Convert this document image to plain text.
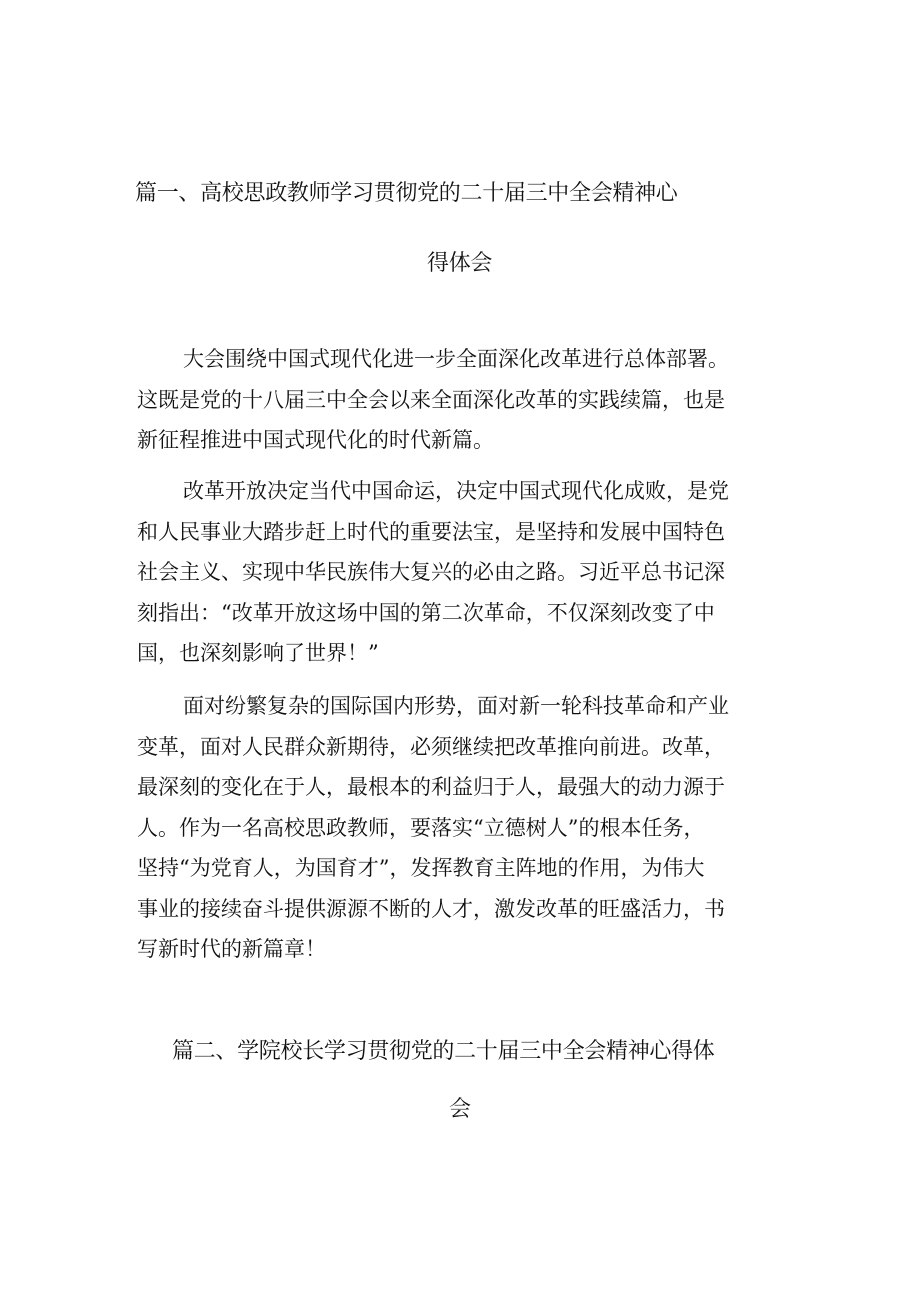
篇一、高校思政教师学习贯彻党的二十届三中全会精神心
得体会
大会围绕中国式现代化进一步全面深化改革进行总体部署。
这既是党的十八届三中全会以来全面深化改革的实践续篇，也是
新征程推进中国式现代化的时代新篇。
改革开放决定当代中国命运，决定中国式现代化成败，是党
和人民事业大踏步赶上时代的重要法宝，是坚持和发展中国特色
社会主义、实现中华民族伟大复兴的必由之路。习近平总书记深
刻指出：“改革开放这场中国的第二次革命，不仅深刻改变了中
国，也深刻影响了世界！”
面对纷繁复杂的国际国内形势，面对新一轮科技革命和产业
变革，面对人民群众新期待，必须继续把改革推向前进。改革，
最深刻的变化在于人，最根本的利益归于人，最强大的动力源于
人。作为一名高校思政教师，要落实“立德树人”的根本任务，
坚持“为党育人，为国育才”，发挥教育主阵地的作用，为伟大
事业的接续奋斗提供源源不断的人才，激发改革的旺盛活力，书
写新时代的新篇章！
篇二、学院校长学习贯彻党的二十届三中全会精神心得体
会
